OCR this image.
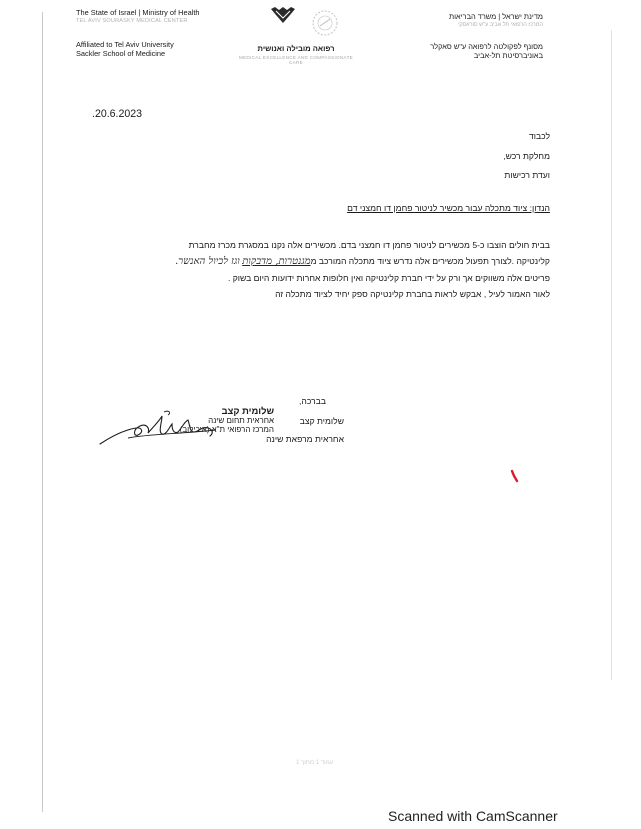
The State of Israel | Ministry of Health
TEL AVIV SOURASKY MEDICAL CENTER
Affiliated to Tel Aviv University
Sackler School of Medicine
רפואה מובילה ואנושית
MEDICAL EXCELLENCE AND COMPASSIONATE CARE
מדינת ישראל | משרד הבריאות
המרכז הרפואי תל אביב ע"ש סוראסקי
מסונף לפקולטה לרפואה ע"ש סאקלר
באוניברסיטת תל-אביב
.20.6.2023
לכבוד
מחלקת רכש,
ועדת רכישות
הנדון: ציוד מתכלה עבור מכשיר לניטור פחמן דו חמצני דם
בבית חולים הוצבו כ-5 מכשירים לניטור פחמן דו חמצני בדם. מכשירים אלה נקנו במסגרת מכרז מחברת
קלינטיקה .לצורך תפעול מכשירים אלה נדרש ציוד מתכלה המורכב ממגנטרות, מדבקות וגז לכיול האנשר.
פריטים אלה משווקים אך ורק על ידי חברת קלינטיקה ואין חלופות אחרות ידועות היום בשוק .
לאור האמור לעיל , אבקש לראות בחברת קלינטיקה ספק יחיד לציוד מתכלה זה
בברכה,
שלומית קצב
אחראית מרפאת שינה
שלומית קצב
אחראית תחום שינה
המרכז הרפואי ת"א (איכילוב)
1 עמוד 1 מתוך
Scanned with CamScanner
